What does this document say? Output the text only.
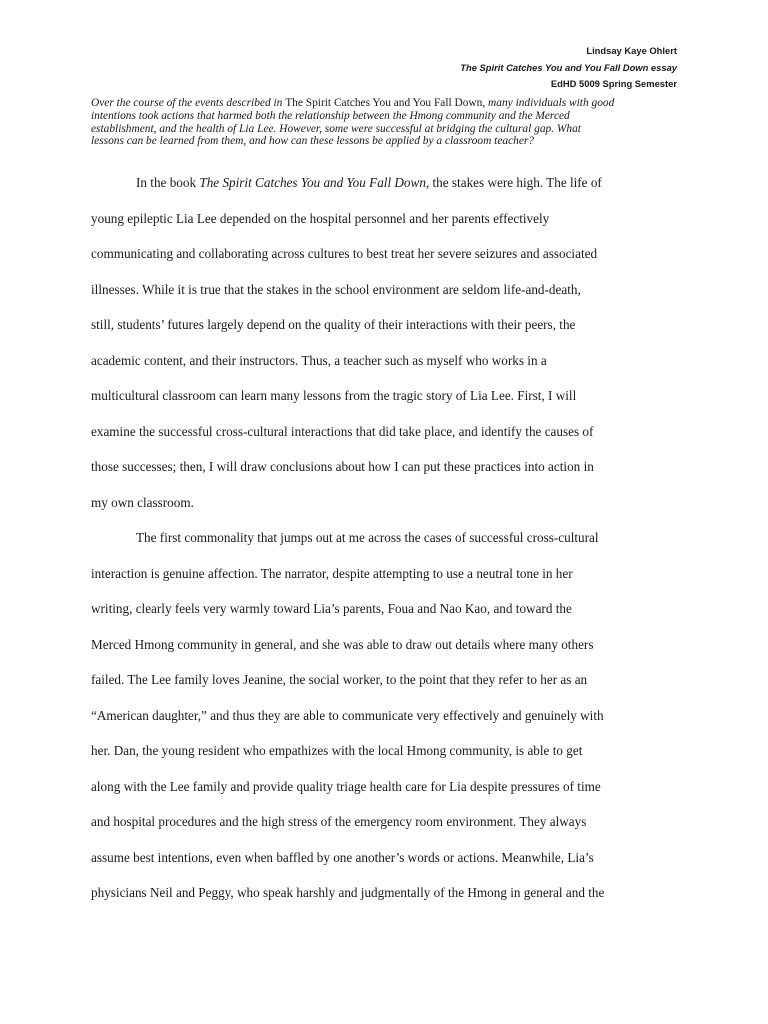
Lindsay Kaye Ohlert
The Spirit Catches You and You Fall Down essay
EdHD 5009 Spring Semester
Over the course of the events described in The Spirit Catches You and You Fall Down, many individuals with good
intentions took actions that harmed both the relationship between the Hmong community and the Merced
establishment, and the health of Lia Lee. However, some were successful at bridging the cultural gap. What
lessons can be learned from them, and how can these lessons be applied by a classroom teacher?
In the book The Spirit Catches You and You Fall Down, the stakes were high. The life of
young epileptic Lia Lee depended on the hospital personnel and her parents effectively
communicating and collaborating across cultures to best treat her severe seizures and associated
illnesses. While it is true that the stakes in the school environment are seldom life-and-death,
still, students’ futures largely depend on the quality of their interactions with their peers, the
academic content, and their instructors. Thus, a teacher such as myself who works in a
multicultural classroom can learn many lessons from the tragic story of Lia Lee. First, I will
examine the successful cross-cultural interactions that did take place, and identify the causes of
those successes; then, I will draw conclusions about how I can put these practices into action in
my own classroom.
The first commonality that jumps out at me across the cases of successful cross-cultural
interaction is genuine affection. The narrator, despite attempting to use a neutral tone in her
writing, clearly feels very warmly toward Lia’s parents, Foua and Nao Kao, and toward the
Merced Hmong community in general, and she was able to draw out details where many others
failed. The Lee family loves Jeanine, the social worker, to the point that they refer to her as an
“American daughter,” and thus they are able to communicate very effectively and genuinely with
her. Dan, the young resident who empathizes with the local Hmong community, is able to get
along with the Lee family and provide quality triage health care for Lia despite pressures of time
and hospital procedures and the high stress of the emergency room environment. They always
assume best intentions, even when baffled by one another’s words or actions. Meanwhile, Lia’s
physicians Neil and Peggy, who speak harshly and judgmentally of the Hmong in general and the
